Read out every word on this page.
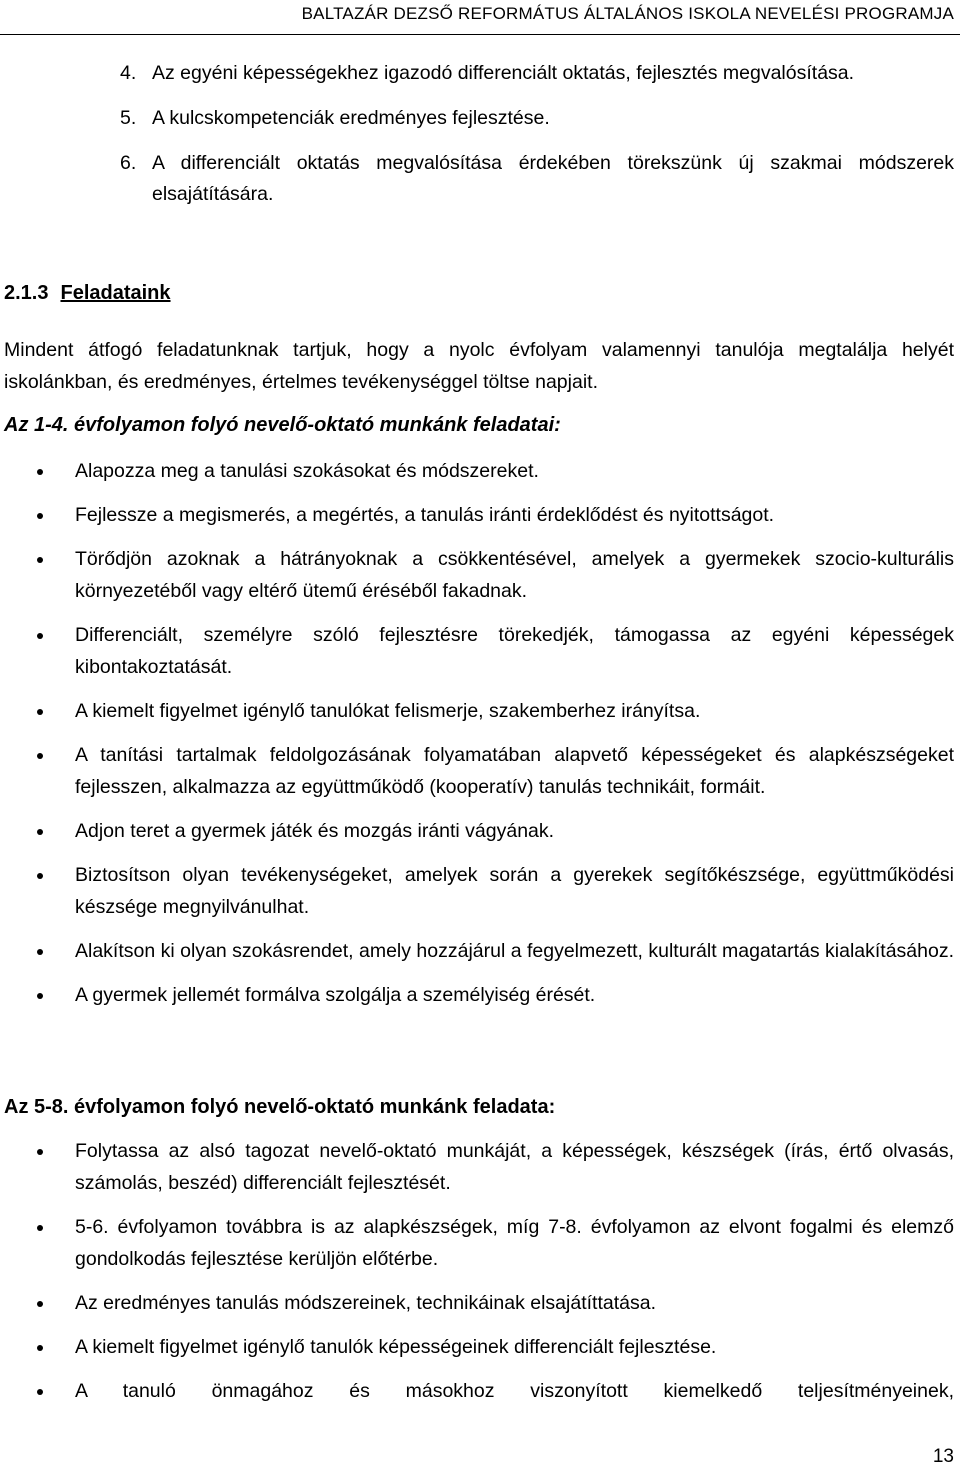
BALTAZÁR DEZSŐ REFORMÁTUS ÁLTALÁNOS ISKOLA NEVELÉSI PROGRAMJA
4. Az egyéni képességekhez igazodó differenciált oktatás, fejlesztés megvalósítása.
5. A kulcskompetenciák eredményes fejlesztése.
6. A differenciált oktatás megvalósítása érdekében törekszünk új szakmai módszerek elsajátítására.
2.1.3 Feladataink
Mindent átfogó feladatunknak tartjuk, hogy a nyolc évfolyam valamennyi tanulója megtalálja helyét iskolánkban, és eredményes, értelmes tevékenységgel töltse napjait.
Az 1-4. évfolyamon folyó nevelő-oktató munkánk feladatai:
Alapozza meg a tanulási szokásokat és módszereket.
Fejlessze a megismerés, a megértés, a tanulás iránti érdeklődést és nyitottságot.
Törődjön azoknak a hátrányoknak a csökkentésével, amelyek a gyermekek szocio-kulturális környezetéből vagy eltérő ütemű éréséből fakadnak.
Differenciált, személyre szóló fejlesztésre törekedjék, támogassa az egyéni képességek kibontakoztatását.
A kiemelt figyelmet igénylő tanulókat felismerje, szakemberhez irányítsa.
A tanítási tartalmak feldolgozásának folyamatában alapvető képességeket és alapkészségeket fejlesszen, alkalmazza az együttműködő (kooperatív) tanulás technikáit, formáit.
Adjon teret a gyermek játék és mozgás iránti vágyának.
Biztosítson olyan tevékenységeket, amelyek során a gyerekek segítőkészsége, együttműködési készsége megnyilvánulhat.
Alakítson ki olyan szokásrendet, amely hozzájárul a fegyelmezett, kulturált magatartás kialakításához.
A gyermek jellemét formálva szolgálja a személyiség érését.
Az 5-8. évfolyamon folyó nevelő-oktató munkánk feladata:
Folytassa az alsó tagozat nevelő-oktató munkáját, a képességek, készségek (írás, értő olvasás, számolás, beszéd) differenciált fejlesztését.
5-6. évfolyamon továbbra is az alapkészségek, míg 7-8. évfolyamon az elvont fogalmi és elemző gondolkodás fejlesztése kerüljön előtérbe.
Az eredményes tanulás módszereinek, technikáinak elsajátíttatása.
A kiemelt figyelmet igénylő tanulók képességeinek differenciált fejlesztése.
A tanuló önmagához és másokhoz viszonyított kiemelkedő teljesítményeinek,
13
